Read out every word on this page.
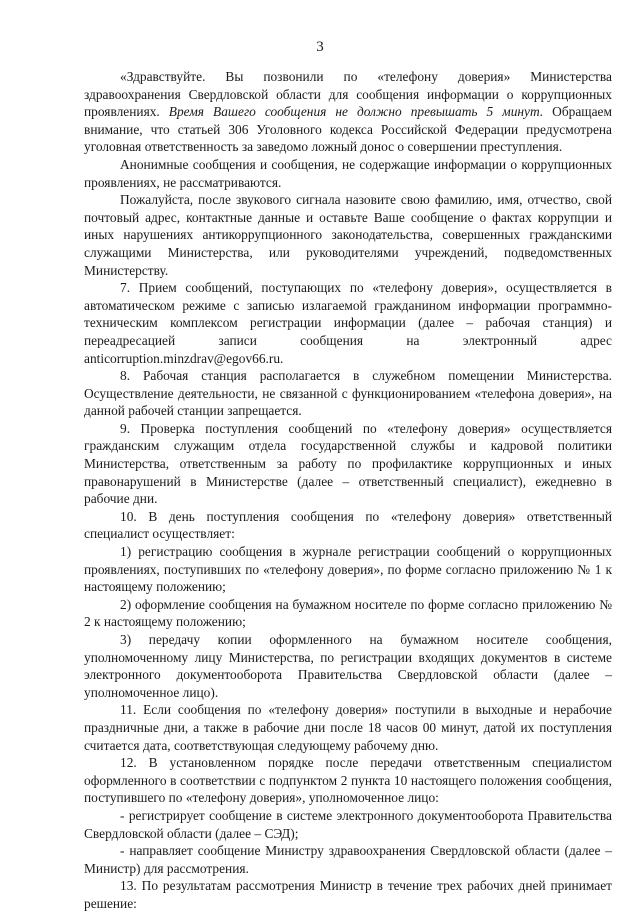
3

«Здравствуйте. Вы позвонили по «телефону доверия» Министерства здравоохранения Свердловской области для сообщения информации о коррупционных проявлениях. Время Вашего сообщения не должно превышать 5 минут. Обращаем внимание, что статьей 306 Уголовного кодекса Российской Федерации предусмотрена уголовная ответственность за заведомо ложный донос о совершении преступления.

Анонимные сообщения и сообщения, не содержащие информации о коррупционных проявлениях, не рассматриваются.

Пожалуйста, после звукового сигнала назовите свою фамилию, имя, отчество, свой почтовый адрес, контактные данные и оставьте Ваше сообщение о фактах коррупции и иных нарушениях антикоррупционного законодательства, совершенных гражданскими служащими Министерства, или руководителями учреждений, подведомственных Министерству.

7. Прием сообщений, поступающих по «телефону доверия», осуществляется в автоматическом режиме с записью излагаемой гражданином информации программно-техническим комплексом регистрации информации (далее – рабочая станция) и переадресацией записи сообщения на электронный адрес anticorruption.minzdrav@egov66.ru.

8. Рабочая станция располагается в служебном помещении Министерства. Осуществление деятельности, не связанной с функционированием «телефона доверия», на данной рабочей станции запрещается.

9. Проверка поступления сообщений по «телефону доверия» осуществляется гражданским служащим отдела государственной службы и кадровой политики Министерства, ответственным за работу по профилактике коррупционных и иных правонарушений в Министерстве (далее – ответственный специалист), ежедневно в рабочие дни.

10. В день поступления сообщения по «телефону доверия» ответственный специалист осуществляет:

1) регистрацию сообщения в журнале регистрации сообщений о коррупционных проявлениях, поступивших по «телефону доверия», по форме согласно приложению № 1 к настоящему положению;

2) оформление сообщения на бумажном носителе по форме согласно приложению № 2 к настоящему положению;

3) передачу копии оформленного на бумажном носителе сообщения, уполномоченному лицу Министерства, по регистрации входящих документов в системе электронного документооборота Правительства Свердловской области (далее – уполномоченное лицо).

11. Если сообщения по «телефону доверия» поступили в выходные и нерабочие праздничные дни, а также в рабочие дни после 18 часов 00 минут, датой их поступления считается дата, соответствующая следующему рабочему дню.

12. В установленном порядке после передачи ответственным специалистом оформленного в соответствии с подпунктом 2 пункта 10 настоящего положения сообщения, поступившего по «телефону доверия», уполномоченное лицо:

- регистрирует сообщение в системе электронного документооборота Правительства Свердловской области (далее – СЭД);

- направляет сообщение Министру здравоохранения Свердловской области (далее – Министр) для рассмотрения.

13. По результатам рассмотрения Министр в течение трех рабочих дней принимает решение:
